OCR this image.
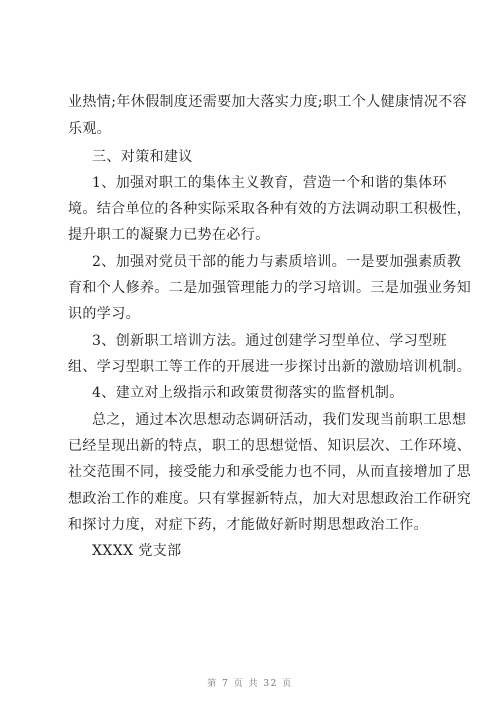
业热情;年休假制度还需要加大落实力度;职工个人健康情况不容
乐观。
三、对策和建议
1、加强对职工的集体主义教育，营造一个和谐的集体环
境。结合单位的各种实际采取各种有效的方法调动职工积极性，
提升职工的凝聚力已势在必行。
2、加强对党员干部的能力与素质培训。一是要加强素质教
育和个人修养。二是加强管理能力的学习培训。三是加强业务知
识的学习。
3、创新职工培训方法。通过创建学习型单位、学习型班
组、学习型职工等工作的开展进一步探讨出新的激励培训机制。
4、建立对上级指示和政策贯彻落实的监督机制。
总之，通过本次思想动态调研活动，我们发现当前职工思想
已经呈现出新的特点，职工的思想觉悟、知识层次、工作环境、
社交范围不同，接受能力和承受能力也不同，从而直接增加了思
想政治工作的难度。只有掌握新特点，加大对思想政治工作研究
和探讨力度，对症下药，才能做好新时期思想政治工作。
XXXX 党支部
第 7 页 共 32 页
